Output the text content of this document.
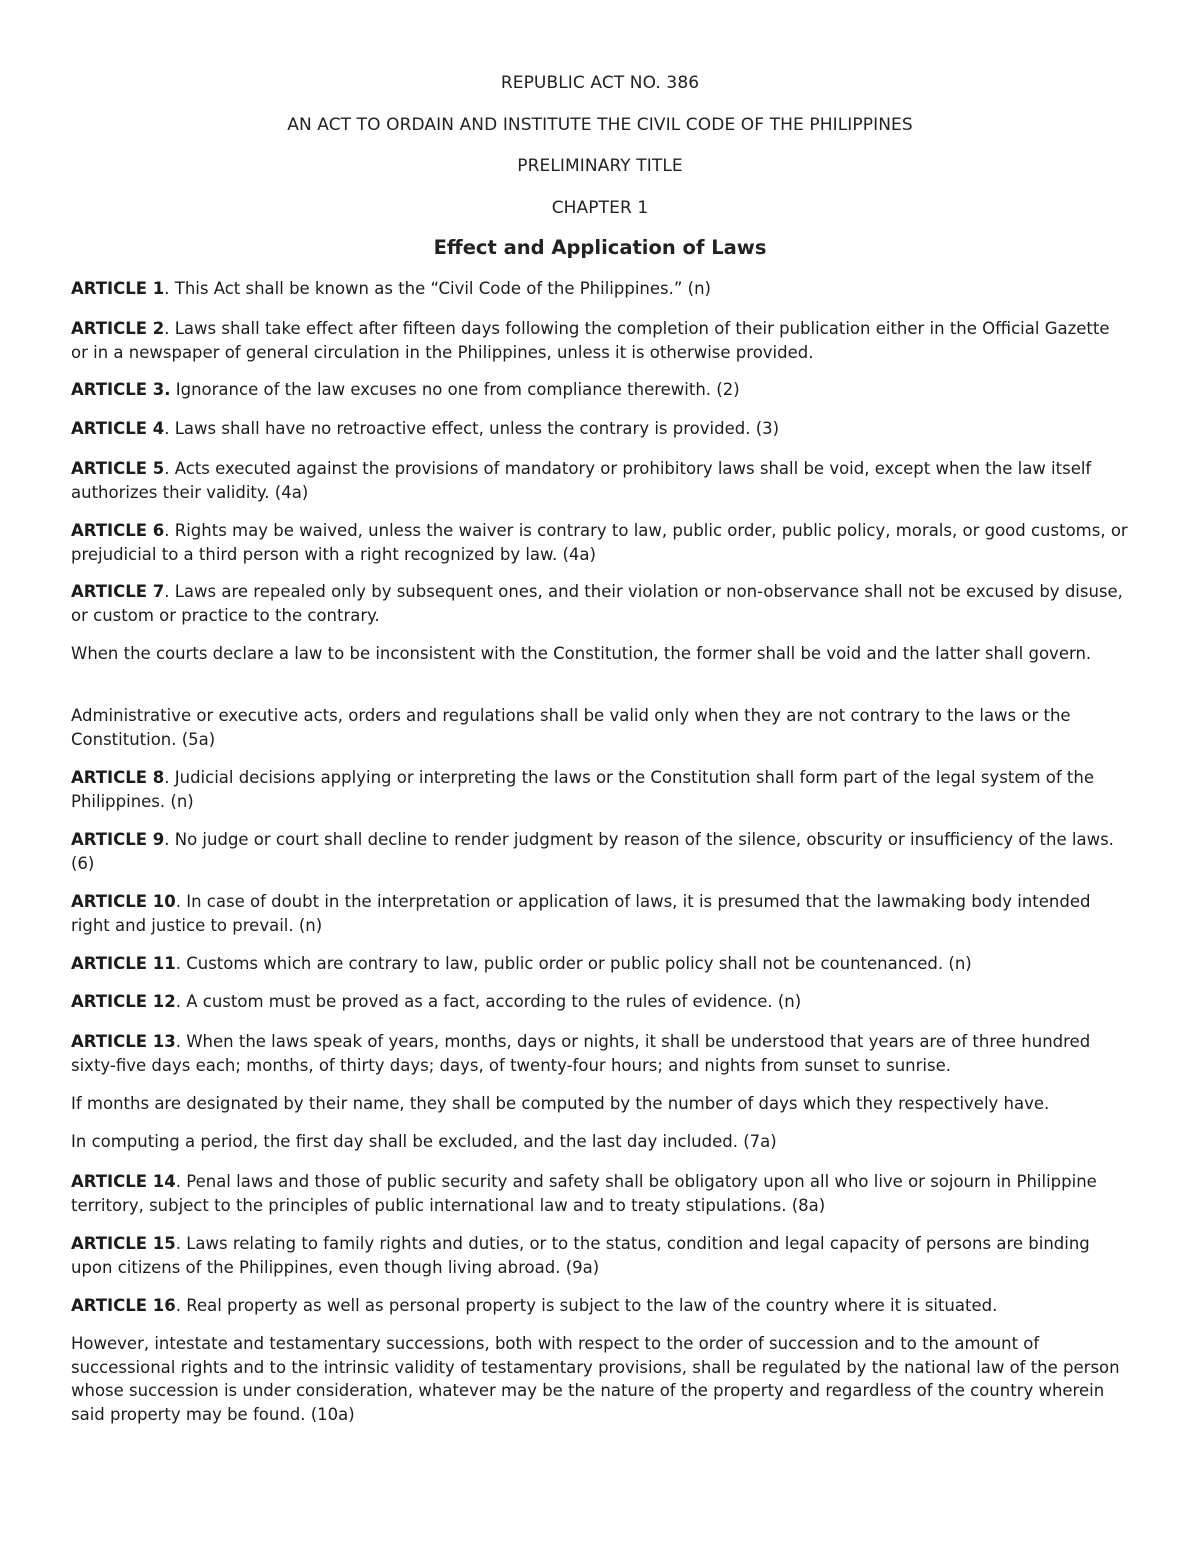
REPUBLIC ACT NO. 386
AN ACT TO ORDAIN AND INSTITUTE THE CIVIL CODE OF THE PHILIPPINES
PRELIMINARY TITLE
CHAPTER 1
Effect and Application of Laws

ARTICLE 1. This Act shall be known as the “Civil Code of the Philippines.” (n)

ARTICLE 2. Laws shall take effect after fifteen days following the completion of their publication either in the Official Gazette or in a newspaper of general circulation in the Philippines, unless it is otherwise provided.

ARTICLE 3. Ignorance of the law excuses no one from compliance therewith. (2)

ARTICLE 4. Laws shall have no retroactive effect, unless the contrary is provided. (3)

ARTICLE 5. Acts executed against the provisions of mandatory or prohibitory laws shall be void, except when the law itself authorizes their validity. (4a)

ARTICLE 6. Rights may be waived, unless the waiver is contrary to law, public order, public policy, morals, or good customs, or prejudicial to a third person with a right recognized by law. (4a)

ARTICLE 7. Laws are repealed only by subsequent ones, and their violation or non-observance shall not be excused by disuse, or custom or practice to the contrary.

When the courts declare a law to be inconsistent with the Constitution, the former shall be void and the latter shall govern.

Administrative or executive acts, orders and regulations shall be valid only when they are not contrary to the laws or the Constitution. (5a)

ARTICLE 8. Judicial decisions applying or interpreting the laws or the Constitution shall form part of the legal system of the Philippines. (n)

ARTICLE 9. No judge or court shall decline to render judgment by reason of the silence, obscurity or insufficiency of the laws. (6)

ARTICLE 10. In case of doubt in the interpretation or application of laws, it is presumed that the lawmaking body intended right and justice to prevail. (n)

ARTICLE 11. Customs which are contrary to law, public order or public policy shall not be countenanced. (n)

ARTICLE 12. A custom must be proved as a fact, according to the rules of evidence. (n)

ARTICLE 13. When the laws speak of years, months, days or nights, it shall be understood that years are of three hundred sixty-five days each; months, of thirty days; days, of twenty-four hours; and nights from sunset to sunrise.

If months are designated by their name, they shall be computed by the number of days which they respectively have.

In computing a period, the first day shall be excluded, and the last day included. (7a)

ARTICLE 14. Penal laws and those of public security and safety shall be obligatory upon all who live or sojourn in Philippine territory, subject to the principles of public international law and to treaty stipulations. (8a)

ARTICLE 15. Laws relating to family rights and duties, or to the status, condition and legal capacity of persons are binding upon citizens of the Philippines, even though living abroad. (9a)

ARTICLE 16. Real property as well as personal property is subject to the law of the country where it is situated.

However, intestate and testamentary successions, both with respect to the order of succession and to the amount of successional rights and to the intrinsic validity of testamentary provisions, shall be regulated by the national law of the person whose succession is under consideration, whatever may be the nature of the property and regardless of the country wherein said property may be found. (10a)
